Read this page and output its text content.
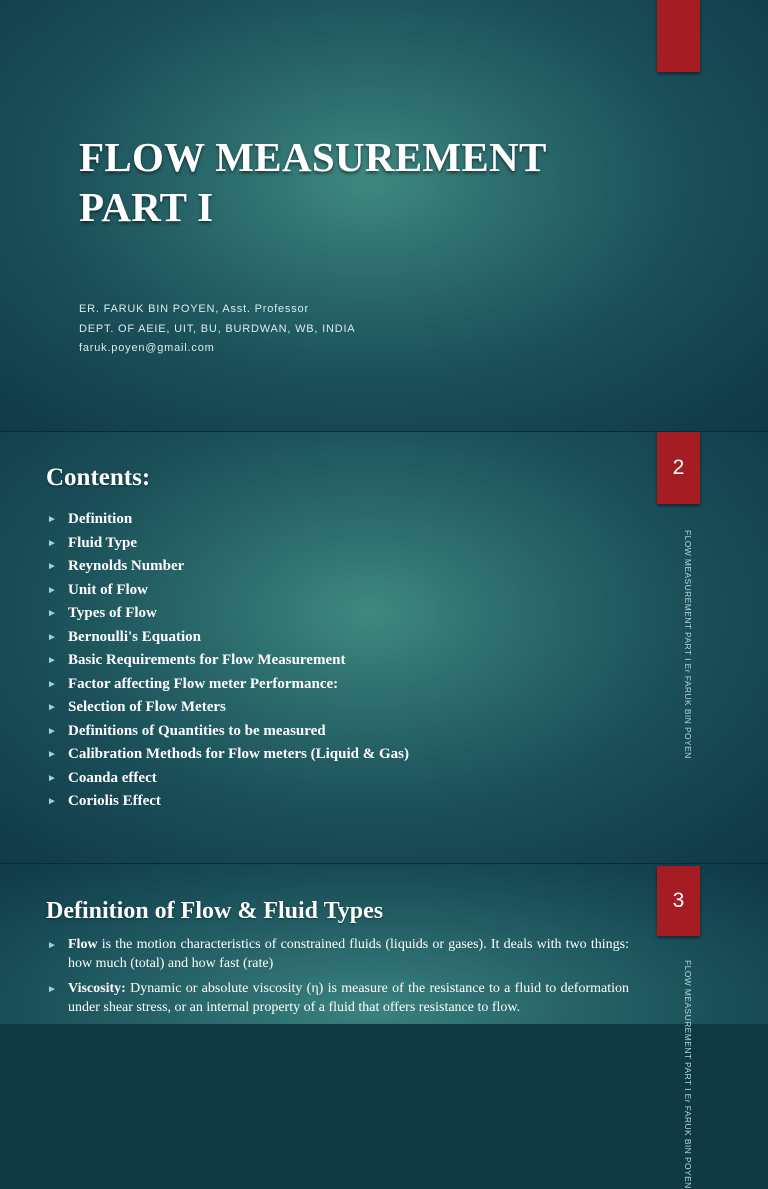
FLOW MEASUREMENT
PART I
ER. FARUK BIN POYEN, Asst. Professor
DEPT. OF AEIE, UIT, BU, BURDWAN, WB, INDIA
faruk.poyen@gmail.com
2
Contents:
► Definition
► Fluid Type
► Reynolds Number
► Unit of Flow
► Types of Flow
► Bernoulli's Equation
► Basic Requirements for Flow Measurement
► Factor affecting Flow meter Performance:
► Selection of Flow Meters
► Definitions of Quantities to be measured
► Calibration Methods for Flow meters (Liquid & Gas)
► Coanda effect
► Coriolis Effect
FLOW MEASUREMENT PART I Er FARUK BIN POYEN
3
Definition of Flow & Fluid Types
► Flow is the motion characteristics of constrained fluids (liquids or gases). It deals with two things: how much (total) and how fast (rate)
► Viscosity: Dynamic or absolute viscosity (η) is measure of the resistance to a fluid to deformation under shear stress, or an internal property of a fluid that offers resistance to flow.	FLOW MEASUREMENT PART I Er FARUK BIN POYEN
